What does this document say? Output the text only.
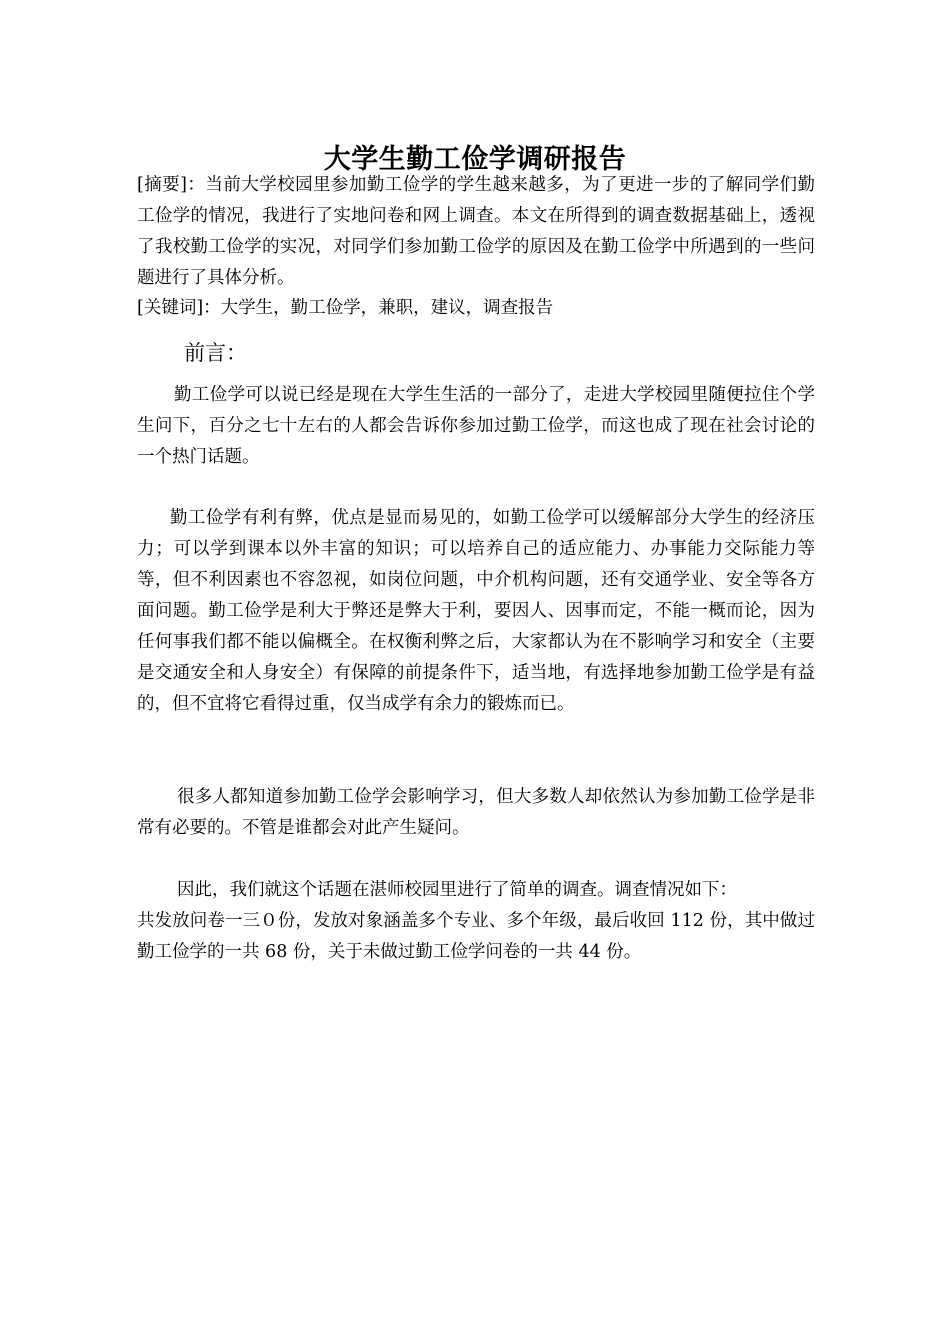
大学生勤工俭学调研报告

[摘要]：当前大学校园里参加勤工俭学的学生越来越多，为了更进一步的了解同学们勤工俭学的情况，我进行了实地问卷和网上调查。本文在所得到的调查数据基础上，透视了我校勤工俭学的实况，对同学们参加勤工俭学的原因及在勤工俭学中所遇到的一些问题进行了具体分析。

[关键词]：大学生，勤工俭学，兼职，建议，调查报告

前言：

勤工俭学可以说已经是现在大学生生活的一部分了，走进大学校园里随便拉住个学生问下，百分之七十左右的人都会告诉你参加过勤工俭学，而这也成了现在社会讨论的一个热门话题。

勤工俭学有利有弊，优点是显而易见的，如勤工俭学可以缓解部分大学生的经济压力；可以学到课本以外丰富的知识；可以培养自己的适应能力、办事能力交际能力等等，但不利因素也不容忽视，如岗位问题，中介机构问题，还有交通学业、安全等各方面问题。勤工俭学是利大于弊还是弊大于利，要因人、因事而定，不能一概而论，因为任何事我们都不能以偏概全。在权衡利弊之后，大家都认为在不影响学习和安全（主要是交通安全和人身安全）有保障的前提条件下，适当地，有选择地参加勤工俭学是有益的，但不宜将它看得过重，仅当成学有余力的锻炼而已。

很多人都知道参加勤工俭学会影响学习，但大多数人却依然认为参加勤工俭学是非常有必要的。不管是谁都会对此产生疑问。

因此，我们就这个话题在湛师校园里进行了简单的调查。调查情况如下：

共发放问卷一三０份，发放对象涵盖多个专业、多个年级，最后收回 112 份，其中做过勤工俭学的一共 68 份，关于未做过勤工俭学问卷的一共 44 份。
